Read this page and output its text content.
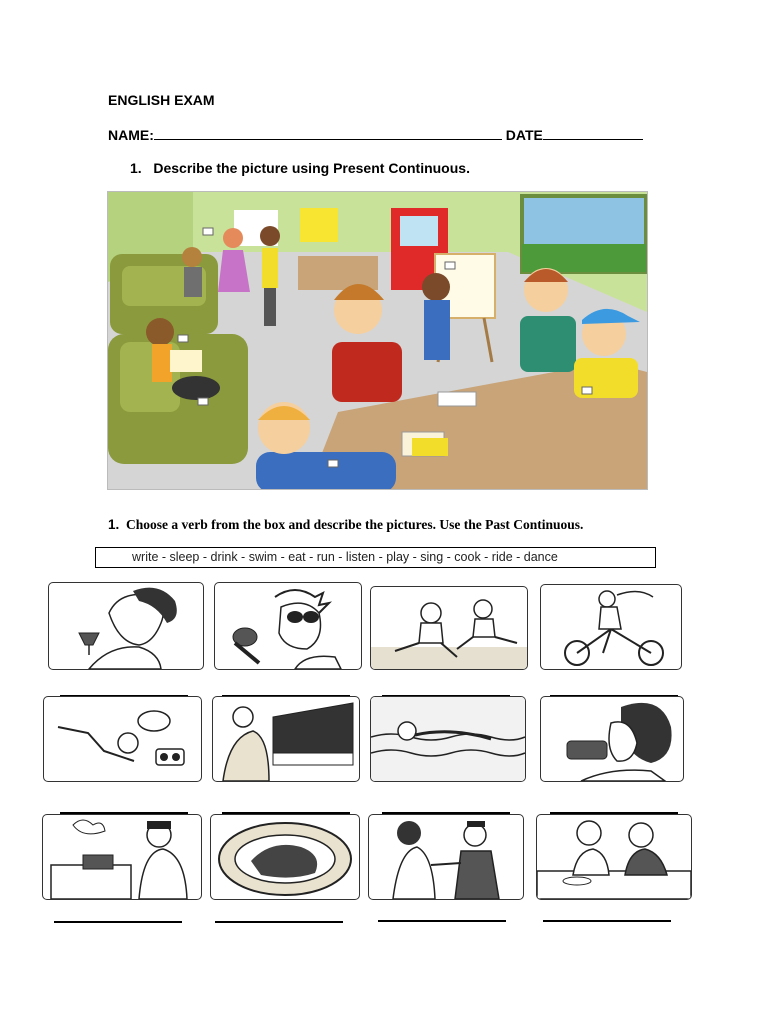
ENGLISH EXAM
NAME:	DATE
1. Describe the picture using Present Continuous.
1. Choose a verb from the box and describe the pictures. Use the Past Continuous.
write - sleep - drink - swim - eat - run - listen - play - sing - cook - ride - dance
